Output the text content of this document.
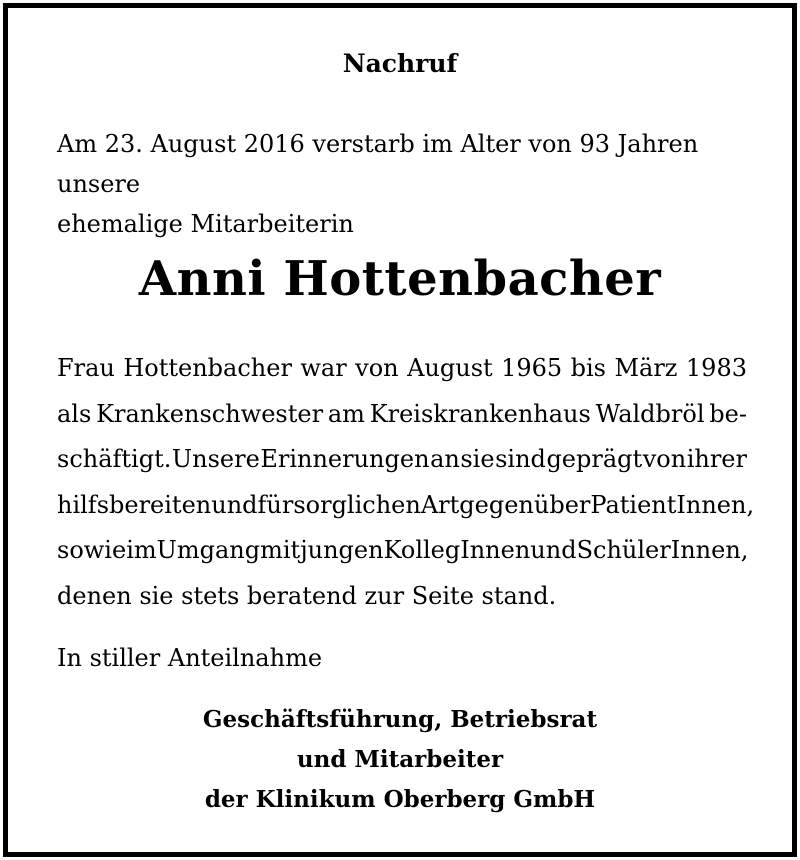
Nachruf
Am 23. August 2016 verstarb im Alter von 93 Jahren unsere
ehemalige Mitarbeiterin
Anni Hottenbacher
Frau Hottenbacher war von August 1965 bis März 1983
als Krankenschwester am Kreiskrankenhaus Waldbröl be-
schäftigt. Unsere Erinnerungen an sie sind geprägt von ihrer
hilfsbereiten und fürsorglichen Art gegenüber PatientInnen,
sowie im Umgang mit jungen KollegInnen und SchülerInnen,
denen sie stets beratend zur Seite stand.
In stiller Anteilnahme
Geschäftsführung, Betriebsrat
und Mitarbeiter
der Klinikum Oberberg GmbH
